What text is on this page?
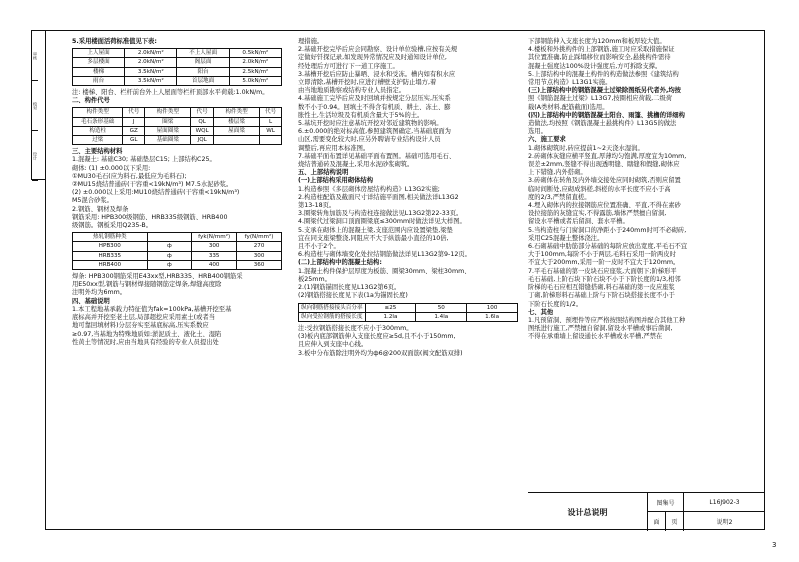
审核
校对
设计

5.采用楼面活荷标准值见下表:

上人屋面	2.0kN/m²	不上人屋面	0.5kN/m²
多层楼面	2.0kN/m²	阁层面	2.0kN/m²
楼梯	3.5kN/m²	阳台	2.5kN/m²
雨台	3.5kN/m²	首层地面	5.0kN/m²

注: 楼梯、阳台、栏杆前台外上人屋面等栏杆顶部水平荷载:1.0kN/m。

二、构件代号

构件类型	代号	构件类型	代号	构件类型	代号
毛石条形基础	J	圈梁	QL	楼层梁	L
构造柱	GZ	屋面圈梁	WQL	屋面梁	WL
过梁	GL	基础圈梁	JQL		

三、主要结构材料

1.混凝土: 基础C30; 基础垫层C15; 上部结构C25。

砌体: (1) ±0.000以下采用:

①MU30毛石(应为料石,最低应为毛料石);

②MU15烧结普通砖(干容重<19kN/m³) M7.5水泥砂浆。

(2) ±0.000以上采用:MU10烧结普通砖(干容重<19kN/m³)

M5混合砂浆。

2.钢筋、钢材及焊条

钢筋采用: HPB300级钢筋、HRB335级钢筋、HRB400

级钢筋。钢板采用Q235-B。

热轧钢筋种类		fyk(N/mm²)	fy(N/mm²)
HPB300	ф	300	270
HRB335	ф	335	300
HRB400	ф	400	360

焊条: HPB300钢筋采用E43xx型,HRB335、HRB400钢筋采

用E50xx型,钢筋与钢材焊接随钢筋定焊条,焊缝高度除

注明外均为6mm。

四、基础说明

1.本工程地基承载力特征值为fak=100kPa,基槽开挖至基

底标高并开挖至老土层,局部超挖应采用素土(或者当

地可靠回填材料)分层夯实至基底标高,压实系数应

≥0.97,当基地为特殊地质如:淤泥质土、液化土、湿陷

性黄土等情况时,应由当地具有经验的专业人员提出处

理措施。

2.基础开挖完毕后应会同勘察、设计单位验槽,应按有关规

定做好钎探记录,如发现异常情况应及时通知设计单位,

经处理后方可进行下一道工序施工。

3.基槽开挖后应防止暴晒、浸水和受冻。槽内如有积水应

立即清除,基槽开挖时,应进行槽壁支护防止塌方,着

由当地地质勘察或结构专业人员指定。

4.基础施工完毕后应及时回填并按规定分层压实,压实系

数不小于0.94。回填土不得含有机质、耕土、冻土、膨

胀性土,生活垃圾及有机质含量大于5%的土。

5.基坑开挖时应注意基坑开挖对邻近建筑物的影响。

6.±0.000的绝对标高值,参照建筑图确定,当基础底面为

山区,需要变化较大时,应另外聘请专业结构设计人员

调整后,再应用本标准图。

7.基础平面布置详见基础平面布置图。基础可选用毛石、

烧结普通砖及混凝土,采用水泥砂浆砌筑。

五、上部结构说明

(一)上部结构采用砌体结构

1.构造参照《多层砌体房屋结构构造》L13G2实施;

2.构造柱配筋及截面尺寸详结施平面图,相关做法详L13G2

第13-18页。

3.圈梁转角加筋及与构造柱连接做法见L13G2第22-33页。

4.圈梁代过梁洞口顶面圈梁底≤300mm时做法详见大样图。

5.支承在砌体上的混凝土梁,支座范围内应设置梁垫,梁垫

宜在同支座梁整浇,同阻应不大于纵筋最小直径的10倍,

且不小于2个。

6.构造柱与砌体墙变化处拉结钢筋做法详见L13G2第9-12页。

(二)上部结构中的混凝土结构:

1.混凝土构件保护层厚度为板筋、圈梁30mm、梁柱30mm、

板25mm。

2.(1)钢筋锚固长度见L13G2第6页。

(2)钢筋搭接长度见下表(1a为锚固长度)

纵向钢筋搭接接头百分率	≤25	50	100
纵向受拉钢筋的搭接长度	1.2la	1.4la	1.6la

注:受拉钢筋搭接长度不应小于300mm。

(3)板内底部钢筋伸入支座长度应≥5d,且不小于150mm,

且应伸入到支座中心线。

3.板中分布筋除注明外均为ф6@200双面筋(阀文配筋双排)

下部钢筋伸入支座长度为120mm和板厚较大值。

4.楼板和外挑构件的上部钢筋,施工时应采取措施保证

其位置准确,防止踩塌移位而影响安全,悬挑构件需待

混凝土强度达100%设计强度后,方可拆除支撑。

5.上部结构中的混凝土构件的构造做法参照《建筑结构

常用节点构造》L13G1实施。

(三)上部结构中的钢筋混凝土过梁除图纸另代者外,均按

照《钢筋混凝土过梁》L13G7,按圈相应荷载,二级荷

载(A类材料,配筋截面)选用。

(四)上部结构中的钢筋混凝土阳台、雨篷、挑檐的详细构

造做法,均按照《钢筋混凝土悬挑构件》L13G5的做法

选用。

六、施工要求

1.砌体砌筑时,砖应提前1~2天浇水湿润。

2.砖砌体灰缝应横平竖直,厚薄均匀饱满,厚度宜为10mm,

误差±2mm,竖缝不得出现透明缝、瞎缝和假缝,砌体应

上下错缝,内外搭砌。

3.砖砌体在转角及内外墙交接处应同时砌筑,否则应留置

临时间断处,应砌成斜槎,斜槎的水平长度不应小于高

度的2/3,严禁留直槎。

4.埋入砌体内的拉接钢筋应位置准确、平直,不得在素砂

设拉接筋的灰缝宜实,不得露筋,墙体严禁擅自留洞,

留设水平槽或者后留洞、套水平槽。

5.当构造柱与门窗洞口的净距小于240mm时可不必砌砖,

采用C25混凝土整体浇注。

6.石砌基础中肋筋部分基础的每阶应放出宽度,平毛石不宜

大于100mm,每阶不小于两层,毛料石采用一阶两皮时

不宜大于200mm,采用一阶一皮时不宜大于120mm。

7.平毛石基础的第一皮块石应座浆,大面朝下;阶梯形平

毛石基础,上阶石块下阶石块不小于下阶长度的1/3,相邻

阶梯的毛石应相互错缝搭砌,料石基础的第一皮应座浆

丁砌,阶梯形料石基础上阶与下阶石块搭接长度不小于

下阶石长度的1/2。

七、其他

1.凡预留洞、预埋件等应严格按照结构图并配合其他工种

图纸进行施工,严禁擅自留洞,留设水平槽或事后凿洞,

不得在承重墙上留设通长水平槽或水平槽,严禁在

设计总说明
图集号	L16J902-3
面	页	说明2
3
